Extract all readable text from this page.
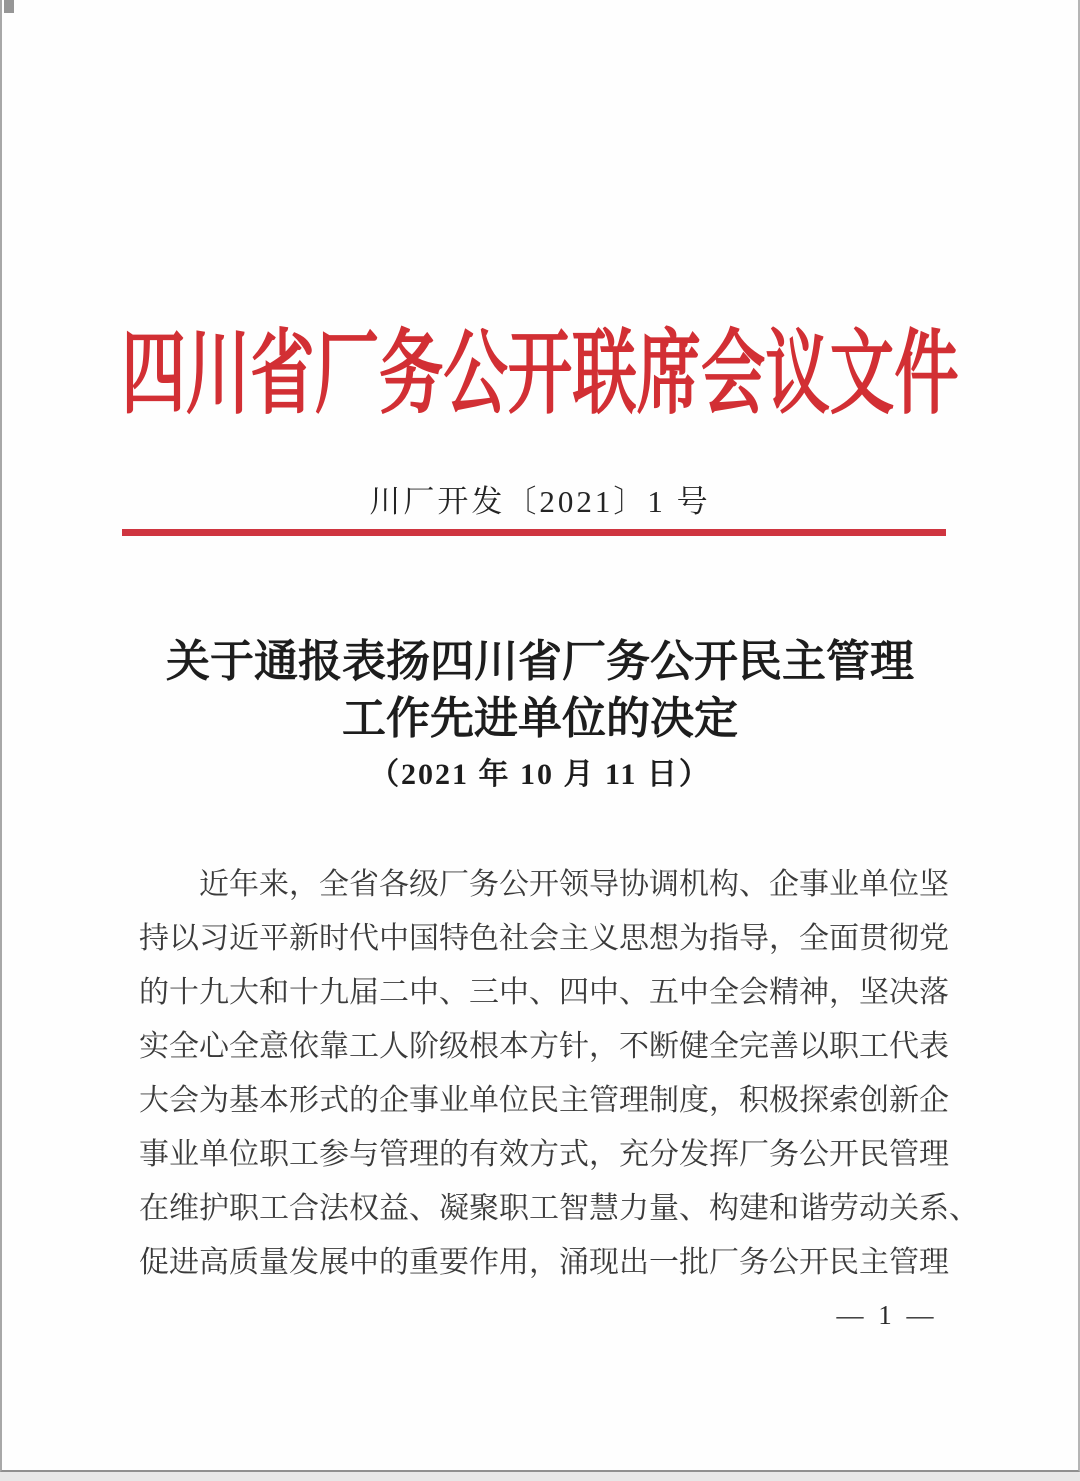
四川省厂务公开联席会议文件
川厂开发〔2021〕1 号
关于通报表扬四川省厂务公开民主管理
工作先进单位的决定
（2021 年 10 月 11 日）
近年来，全省各级厂务公开领导协调机构、企事业单位坚
持以习近平新时代中国特色社会主义思想为指导，全面贯彻党
的十九大和十九届二中、三中、四中、五中全会精神，坚决落
实全心全意依靠工人阶级根本方针，不断健全完善以职工代表
大会为基本形式的企事业单位民主管理制度，积极探索创新企
事业单位职工参与管理的有效方式，充分发挥厂务公开民管理
在维护职工合法权益、凝聚职工智慧力量、构建和谐劳动关系、
促进高质量发展中的重要作用，涌现出一批厂务公开民主管理
— 1 —
